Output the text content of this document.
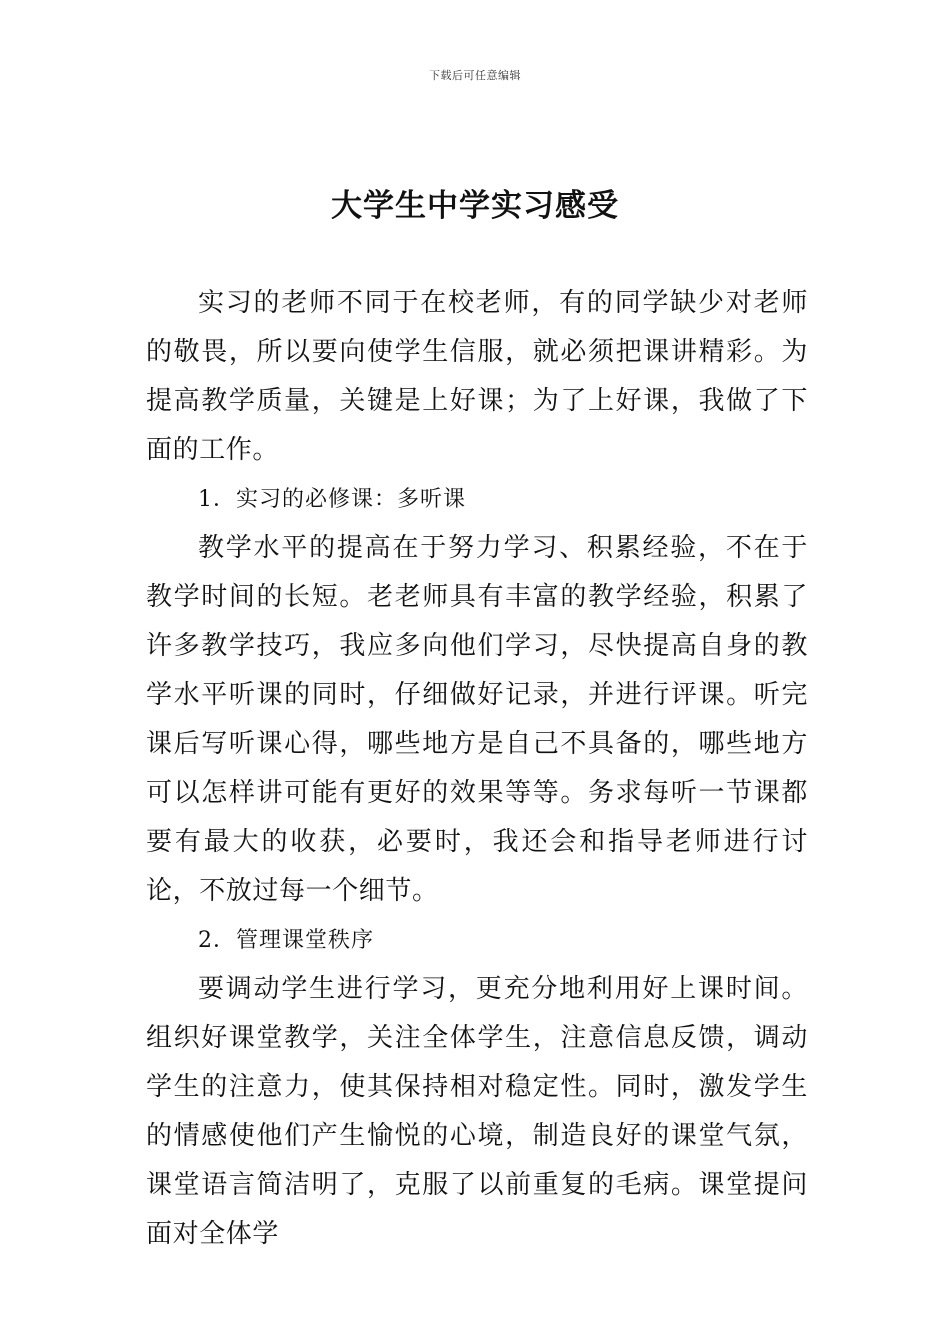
下载后可任意编辑
大学生中学实习感受

实习的老师不同于在校老师，有的同学缺少对老师的敬畏，所以要向使学生信服，就必须把课讲精彩。为提高教学质量，关键是上好课；为了上好课，我做了下面的工作。

1．实习的必修课：多听课

教学水平的提高在于努力学习、积累经验，不在于教学时间的长短。老老师具有丰富的教学经验，积累了许多教学技巧，我应多向他们学习，尽快提高自身的教学水平听课的同时，仔细做好记录，并进行评课。听完课后写听课心得，哪些地方是自己不具备的，哪些地方可以怎样讲可能有更好的效果等等。务求每听一节课都要有最大的收获，必要时，我还会和指导老师进行讨论，不放过每一个细节。

2．管理课堂秩序

要调动学生进行学习，更充分地利用好上课时间。组织好课堂教学，关注全体学生，注意信息反馈，调动学生的注意力，使其保持相对稳定性。同时，激发学生的情感使他们产生愉悦的心境，制造良好的课堂气氛，课堂语言简洁明了，克服了以前重复的毛病。课堂提问面对全体学
